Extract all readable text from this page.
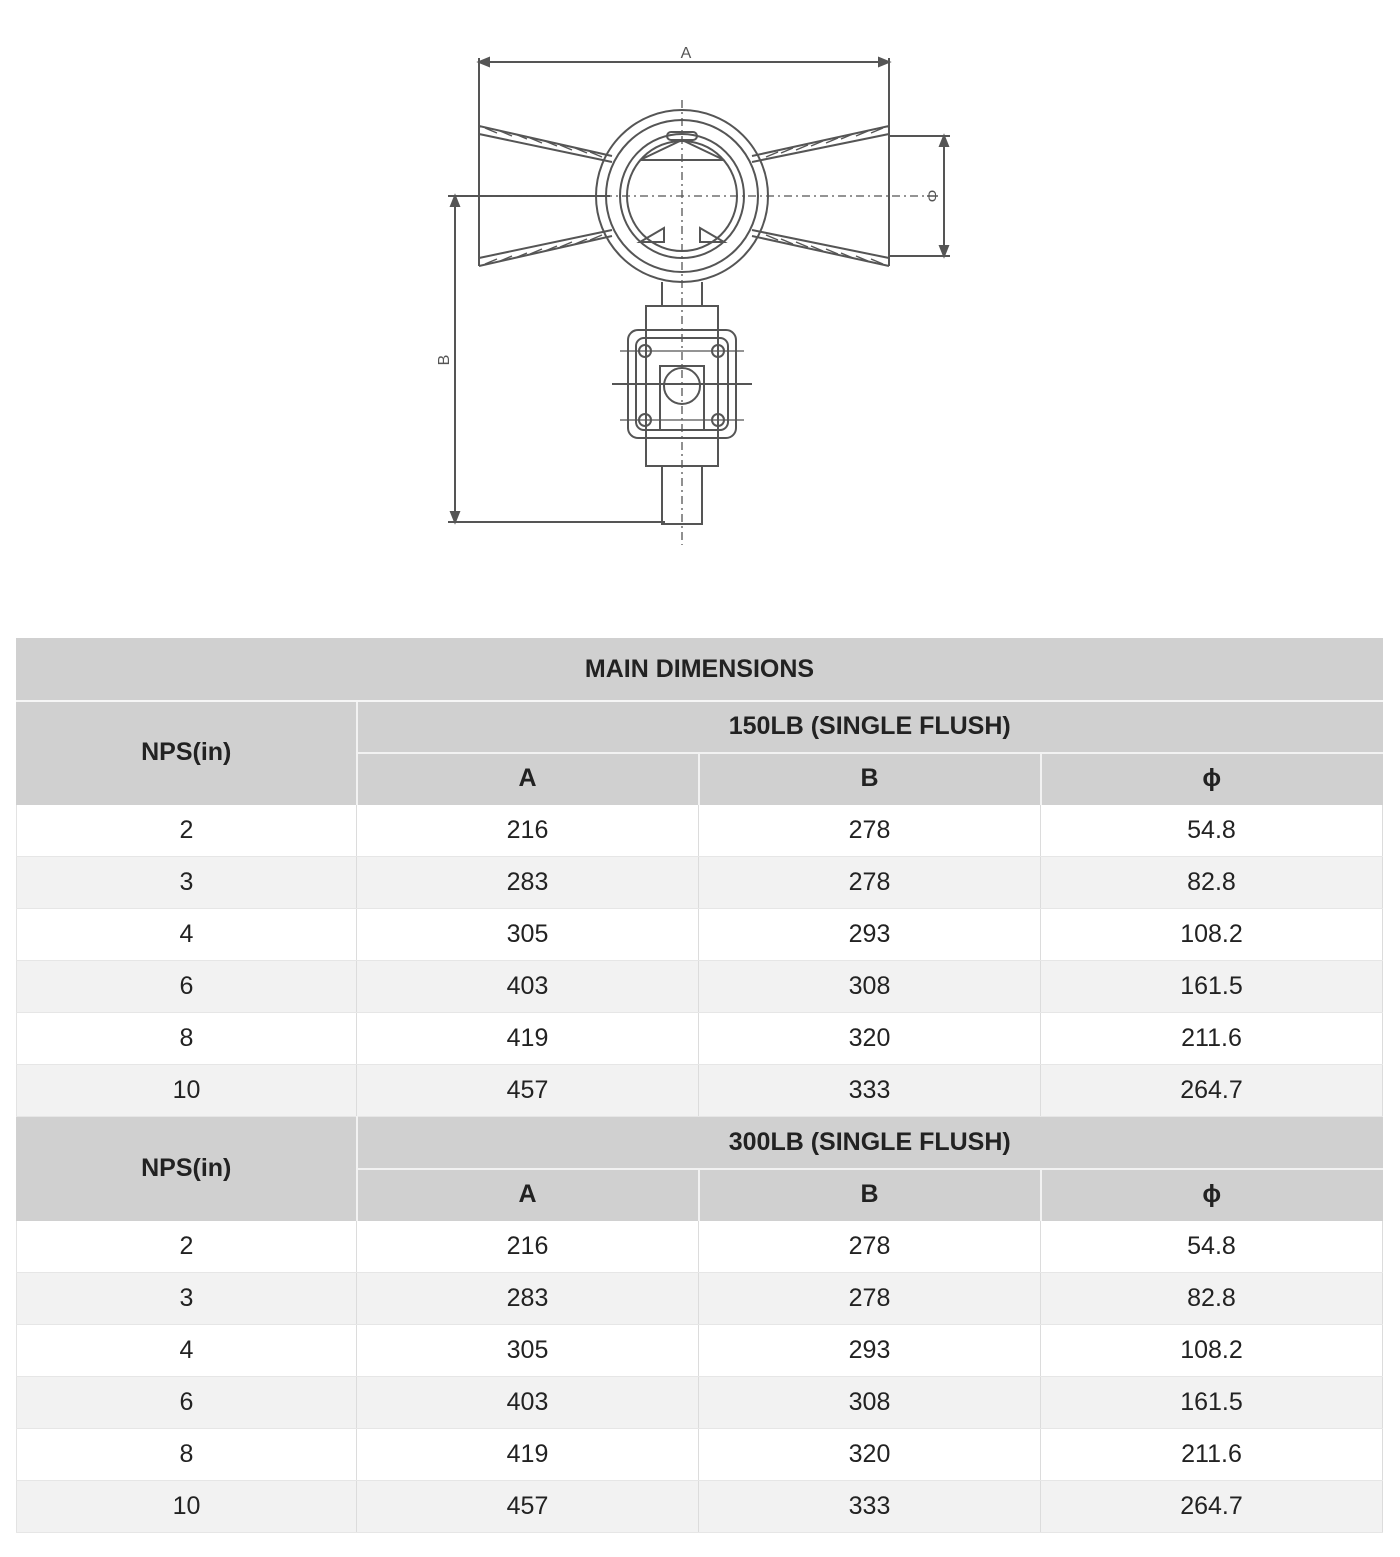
A
B
Φ
MAIN DIMENSIONS			
NPS(in)	150LB (SINGLE FLUSH)		
	A	B	ϕ
2	216	278	54.8
3	283	278	82.8
4	305	293	108.2
6	403	308	161.5
8	419	320	211.6
10	457	333	264.7
NPS(in)	300LB (SINGLE FLUSH)		
	A	B	ϕ
2	216	278	54.8
3	283	278	82.8
4	305	293	108.2
6	403	308	161.5
8	419	320	211.6
10	457	333	264.7
